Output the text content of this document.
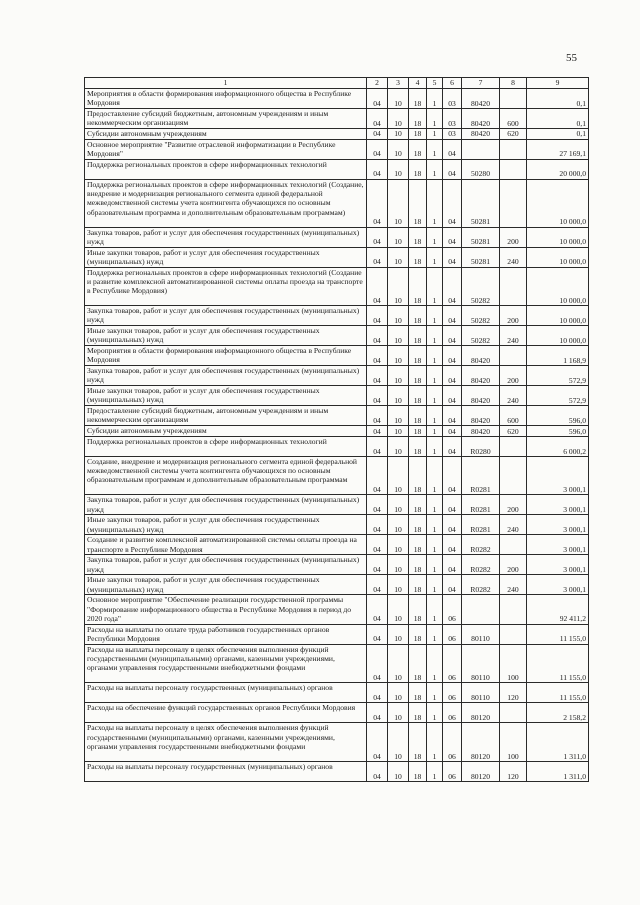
55
1	2	3	4	5	6	7	8	9
Мероприятия в области формирования информационного общества в Республике Мордовия	04	10	18	1	03	80420		0,1
Предоставление субсидий бюджетным, автономным учреждениям и иным некоммерческим организациям	04	10	18	1	03	80420	600	0,1
Субсидии автономным учреждениям	04	10	18	1	03	80420	620	0,1
Основное мероприятие "Развитие отраслевой информатизации в Республике Мордовия"	04	10	18	1	04			27 169,1
Поддержка региональных проектов в сфере информационных технологий	04	10	18	1	04	50280		20 000,0
Поддержка региональных проектов в сфере информационных технологий (Создание, внедрение и модернизация регионального сегмента единой федеральной межведомственной системы учета контингента обучающихся по основным образовательным программа и дополнительным образовательным программам)	04	10	18	1	04	50281		10 000,0
Закупка товаров, работ и услуг для обеспечения государственных (муниципальных) нужд	04	10	18	1	04	50281	200	10 000,0
Иные закупки товаров, работ и услуг для обеспечения государственных (муниципальных) нужд	04	10	18	1	04	50281	240	10 000,0
Поддержка региональных проектов в сфере информационных технологий (Создание и развитие комплексной автоматизированной системы оплаты проезда на транспорте в Республике Мордовия)	04	10	18	1	04	50282		10 000,0
Закупка товаров, работ и услуг для обеспечения государственных (муниципальных) нужд	04	10	18	1	04	50282	200	10 000,0
Иные закупки товаров, работ и услуг для обеспечения государственных (муниципальных) нужд	04	10	18	1	04	50282	240	10 000,0
Мероприятия в области формирования информационного общества в Республике Мордовия	04	10	18	1	04	80420		1 168,9
Закупка товаров, работ и услуг для обеспечения государственных (муниципальных) нужд	04	10	18	1	04	80420	200	572,9
Иные закупки товаров, работ и услуг для обеспечения государственных (муниципальных) нужд	04	10	18	1	04	80420	240	572,9
Предоставление субсидий бюджетным, автономным учреждениям и иным некоммерческим организациям	04	10	18	1	04	80420	600	596,0
Субсидии автономным учреждениям	04	10	18	1	04	80420	620	596,0
Поддержка региональных проектов в сфере информационных технологий	04	10	18	1	04	R0280		6 000,2
Создание, внедрение и модернизация регионального сегмента единой федеральной межведомственной системы учета контингента обучающихся по основным образовательным программам и дополнительным образовательным программам	04	10	18	1	04	R0281		3 000,1
Закупка товаров, работ и услуг для обеспечения государственных (муниципальных) нужд	04	10	18	1	04	R0281	200	3 000,1
Иные закупки товаров, работ и услуг для обеспечения государственных (муниципальных) нужд	04	10	18	1	04	R0281	240	3 000,1
Создание и развитие комплексной автоматизированной системы оплаты проезда на транспорте в Республике Мордовия	04	10	18	1	04	R0282		3 000,1
Закупка товаров, работ и услуг для обеспечения государственных (муниципальных) нужд	04	10	18	1	04	R0282	200	3 000,1
Иные закупки товаров, работ и услуг для обеспечения государственных (муниципальных) нужд	04	10	18	1	04	R0282	240	3 000,1
Основное мероприятие "Обеспечение реализации государственной программы "Формирование информационного общества в Республике Мордовия в период до 2020 года"	04	10	18	1	06			92 411,2
Расходы на выплаты по оплате труда работников государственных органов Республики Мордовия	04	10	18	1	06	80110		11 155,0
Расходы на выплаты персоналу в целях обеспечения выполнения функций государственными (муниципальными) органами, казенными учреждениями, органами управления государственными внебюджетными фондами	04	10	18	1	06	80110	100	11 155,0
Расходы на выплаты персоналу государственных (муниципальных) органов	04	10	18	1	06	80110	120	11 155,0
Расходы на обеспечение функций государственных органов Республики Мордовия	04	10	18	1	06	80120		2 158,2
Расходы на выплаты персоналу в целях обеспечения выполнения функций государственными (муниципальными) органами, казенными учреждениями, органами управления государственными внебюджетными фондами	04	10	18	1	06	80120	100	1 311,0
Расходы на выплаты персоналу государственных (муниципальных) органов	04	10	18	1	06	80120	120	1 311,0
